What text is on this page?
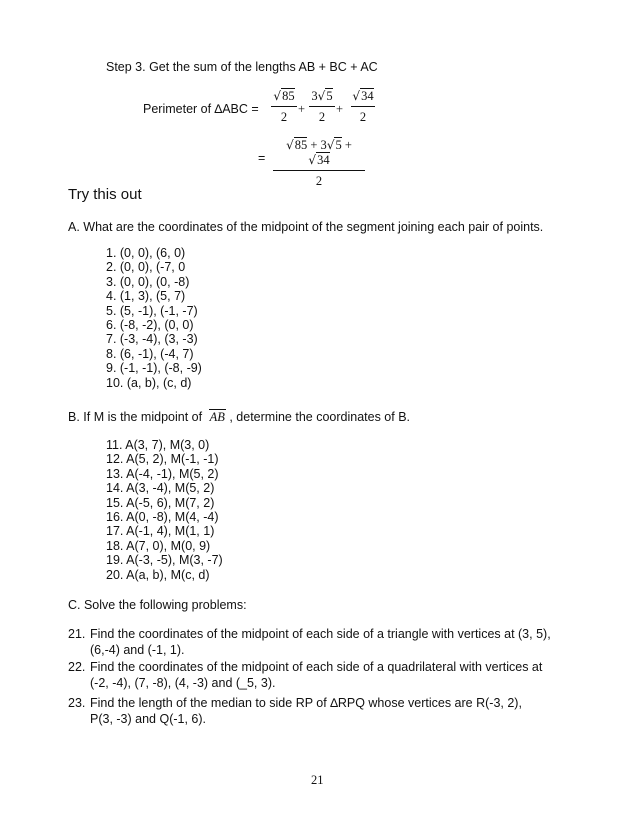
Step 3. Get the sum of the lengths AB + BC + AC
Perimeter of ∆ABC =
√85
2
+
3√5
2
+
√34
2
=
√85 + 3√5 + √34
2
Try this out
A. What are the coordinates of the midpoint of the segment joining each pair of points.
1. (0, 0), (6, 0)
2. (0, 0), (-7, 0
3. (0, 0), (0, -8)
4. (1, 3), (5, 7)
5. (5, -1), (-1, -7)
6. (-8, -2), (0, 0)
7. (-3, -4), (3, -3)
8. (6, -1), (-4, 7)
9. (-1, -1), (-8, -9)
10. (a, b), (c, d)
B. If M is the midpoint of AB , determine the coordinates of B.
11. A(3, 7), M(3, 0)
12. A(5, 2), M(-1, -1)
13. A(-4, -1), M(5, 2)
14. A(3, -4), M(5, 2)
15. A(-5, 6), M(7, 2)
16. A(0, -8), M(4, -4)
17. A(-1, 4), M(1, 1)
18. A(7, 0), M(0, 9)
19. A(-3, -5), M(3, -7)
20. A(a, b), M(c, d)
C. Solve the following problems:
21. Find the coordinates of the midpoint of each side of a triangle with vertices at (3, 5),
(6,-4) and (-1, 1).
22. Find the coordinates of the midpoint of each side of a quadrilateral with vertices at
(-2, -4), (7, -8), (4, -3) and (_5, 3).
23. Find the length of the median to side RP of ∆RPQ whose vertices are R(-3, 2),
P(3, -3) and Q(-1, 6).
21
